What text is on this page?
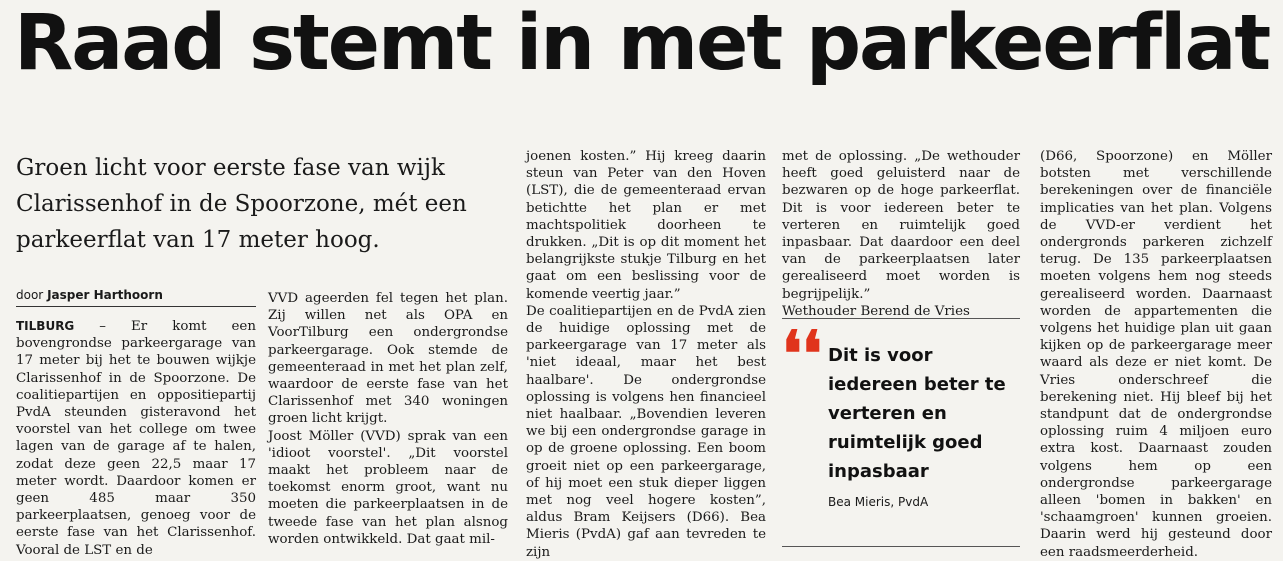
Raad stemt in met parkeerflat

Groen licht voor eerste fase van wijk Clarissenhof in de Spoorzone, mét een parkeerflat van 17 meter hoog.

door Jasper Harthoorn

TILBURG – Er komt een bovengrondse parkeergarage van 17 meter bij het te bouwen wijkje Clarissenhof in de Spoorzone. De coalitiepartijen en oppositiepartij PvdA steunden gisteravond het voorstel van het college om twee lagen van de garage af te halen, zodat deze geen 22,5 maar 17 meter wordt. Daardoor komen er geen 485 maar 350 parkeerplaatsen, genoeg voor de eerste fase van het Clarissenhof. Vooral de LST en de

VVD ageerden fel tegen het plan. Zij willen net als OPA en VoorTilburg een ondergrondse parkeergarage. Ook stemde de gemeenteraad in met het plan zelf, waardoor de eerste fase van het Clarissenhof met 340 woningen groen licht krijgt.
Joost Möller (VVD) sprak van een 'idioot voorstel'. „Dit voorstel maakt het probleem naar de toekomst enorm groot, want nu moeten die parkeerplaatsen in de tweede fase van het plan alsnog worden ontwikkeld. Dat gaat mil-
joenen kosten.” Hij kreeg daarin steun van Peter van den Hoven (LST), die de gemeenteraad ervan betichtte het plan er met machtspolitiek doorheen te drukken. „Dit is op dit moment het belangrijkste stukje Tilburg en het gaat om een beslissing voor de komende veertig jaar.”
De coalitiepartijen en de PvdA zien de huidige oplossing met de parkeergarage van 17 meter als 'niet ideaal, maar het best haalbare'. De ondergrondse oplossing is volgens hen financieel niet haalbaar. „Bovendien leveren we bij een ondergrondse garage in op de groene oplossing. Een boom groeit niet op een parkeergarage, of hij moet een stuk dieper liggen met nog veel hogere kosten”, aldus Bram Keijsers (D66). Bea Mieris (PvdA) gaf aan tevreden te zijn
met de oplossing. „De wethouder heeft goed geluisterd naar de bezwaren op de hoge parkeerflat. Dit is voor iedereen beter te verteren en ruimtelijk goed inpasbaar. Dat daardoor een deel van de parkeerplaatsen later gerealiseerd moet worden is begrijpelijk.”
Wethouder Berend de Vries
❛❛ Dit is voor iedereen beter te verteren en ruimtelijk goed inpasbaar
Bea Mieris, PvdA

(D66, Spoorzone) en Möller botsten met verschillende berekeningen over de financiële implicaties van het plan. Volgens de VVD-er verdient het ondergronds parkeren zichzelf terug. De 135 parkeerplaatsen moeten volgens hem nog steeds gerealiseerd worden. Daarnaast worden de appartementen die volgens het huidige plan uit gaan kijken op de parkeergarage meer waard als deze er niet komt. De Vries onderschreef die berekening niet. Hij bleef bij het standpunt dat de ondergrondse oplossing ruim 4 miljoen euro extra kost. Daarnaast zouden volgens hem op een ondergrondse parkeergarage alleen 'bomen in bakken' en 'schaamgroen' kunnen groeien. Daarin werd hij gesteund door een raadsmeerderheid.
